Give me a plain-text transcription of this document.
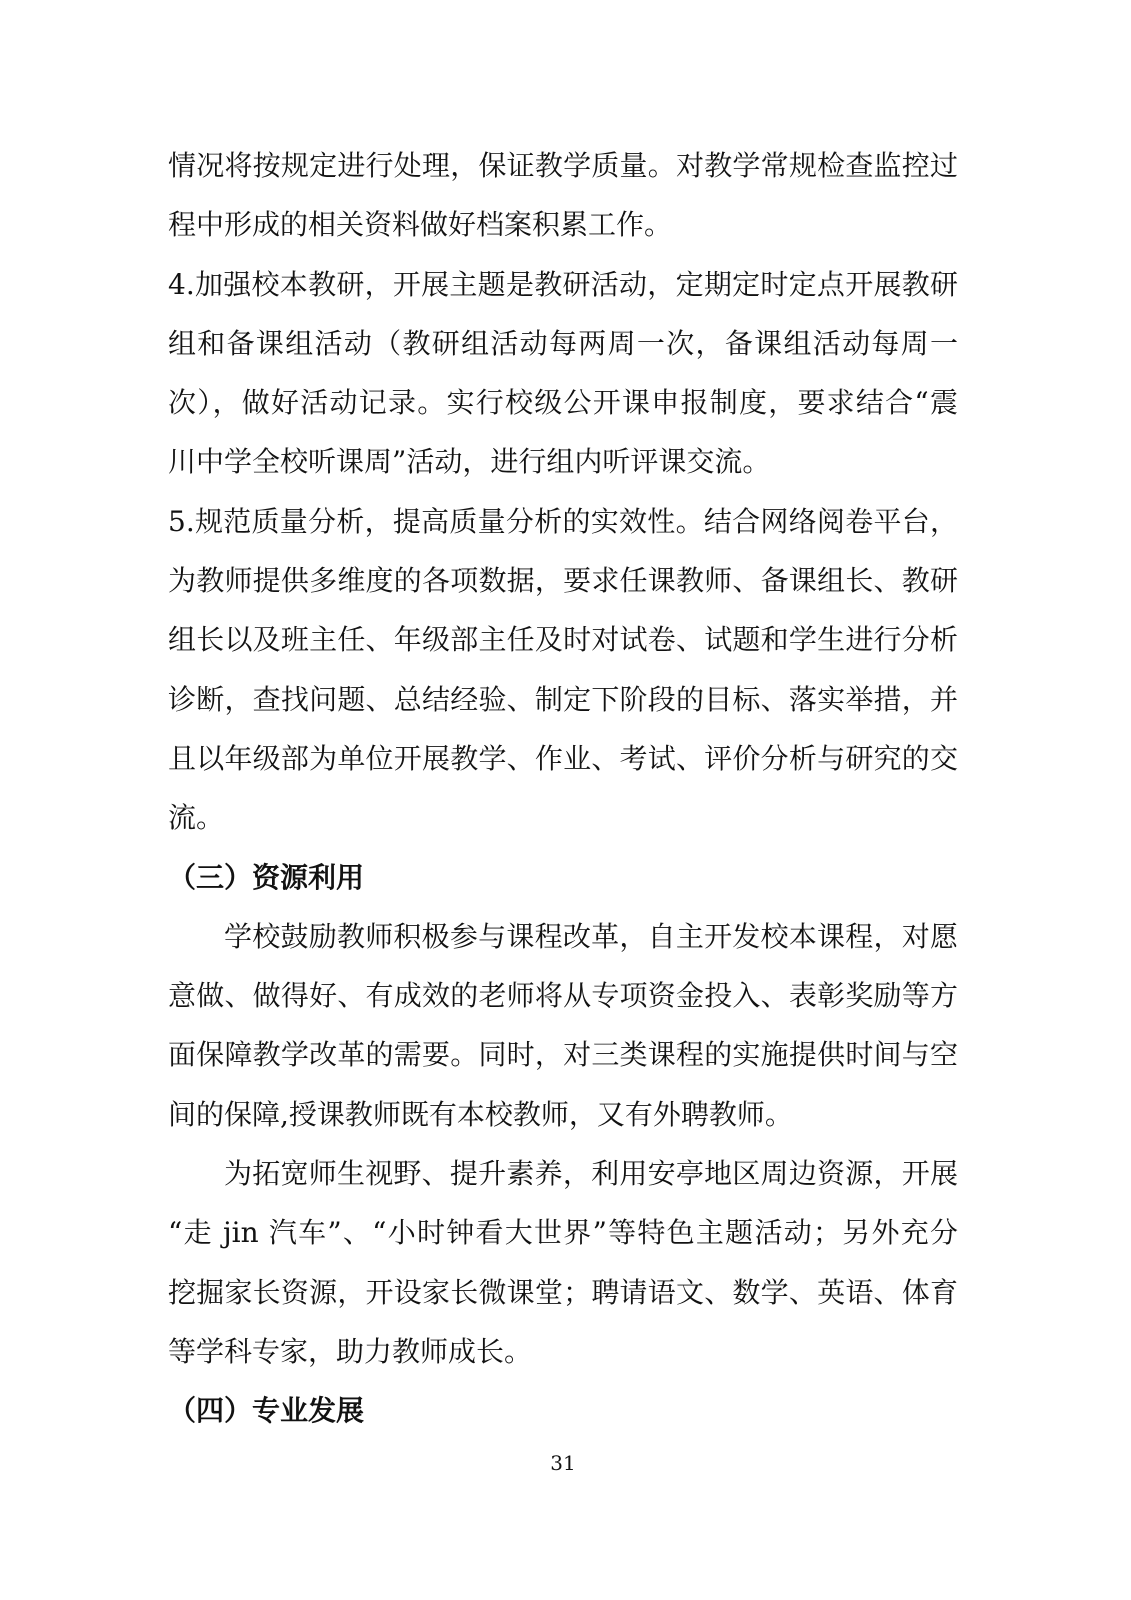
情况将按规定进行处理，保证教学质量。对教学常规检查监控过
程中形成的相关资料做好档案积累工作。
4.加强校本教研，开展主题是教研活动，定期定时定点开展教研
组和备课组活动（教研组活动每两周一次，备课组活动每周一
次），做好活动记录。实行校级公开课申报制度，要求结合“震
川中学全校听课周”活动，进行组内听评课交流。
5.规范质量分析，提高质量分析的实效性。结合网络阅卷平台，
为教师提供多维度的各项数据，要求任课教师、备课组长、教研
组长以及班主任、年级部主任及时对试卷、试题和学生进行分析
诊断，查找问题、总结经验、制定下阶段的目标、落实举措，并
且以年级部为单位开展教学、作业、考试、评价分析与研究的交
流。
（三）资源利用
学校鼓励教师积极参与课程改革，自主开发校本课程，对愿
意做、做得好、有成效的老师将从专项资金投入、表彰奖励等方
面保障教学改革的需要。同时，对三类课程的实施提供时间与空
间的保障,授课教师既有本校教师，又有外聘教师。
为拓宽师生视野、提升素养，利用安亭地区周边资源，开展
“走 jin 汽车”、“小时钟看大世界”等特色主题活动；另外充分
挖掘家长资源，开设家长微课堂；聘请语文、数学、英语、体育
等学科专家，助力教师成长。
（四）专业发展
31
